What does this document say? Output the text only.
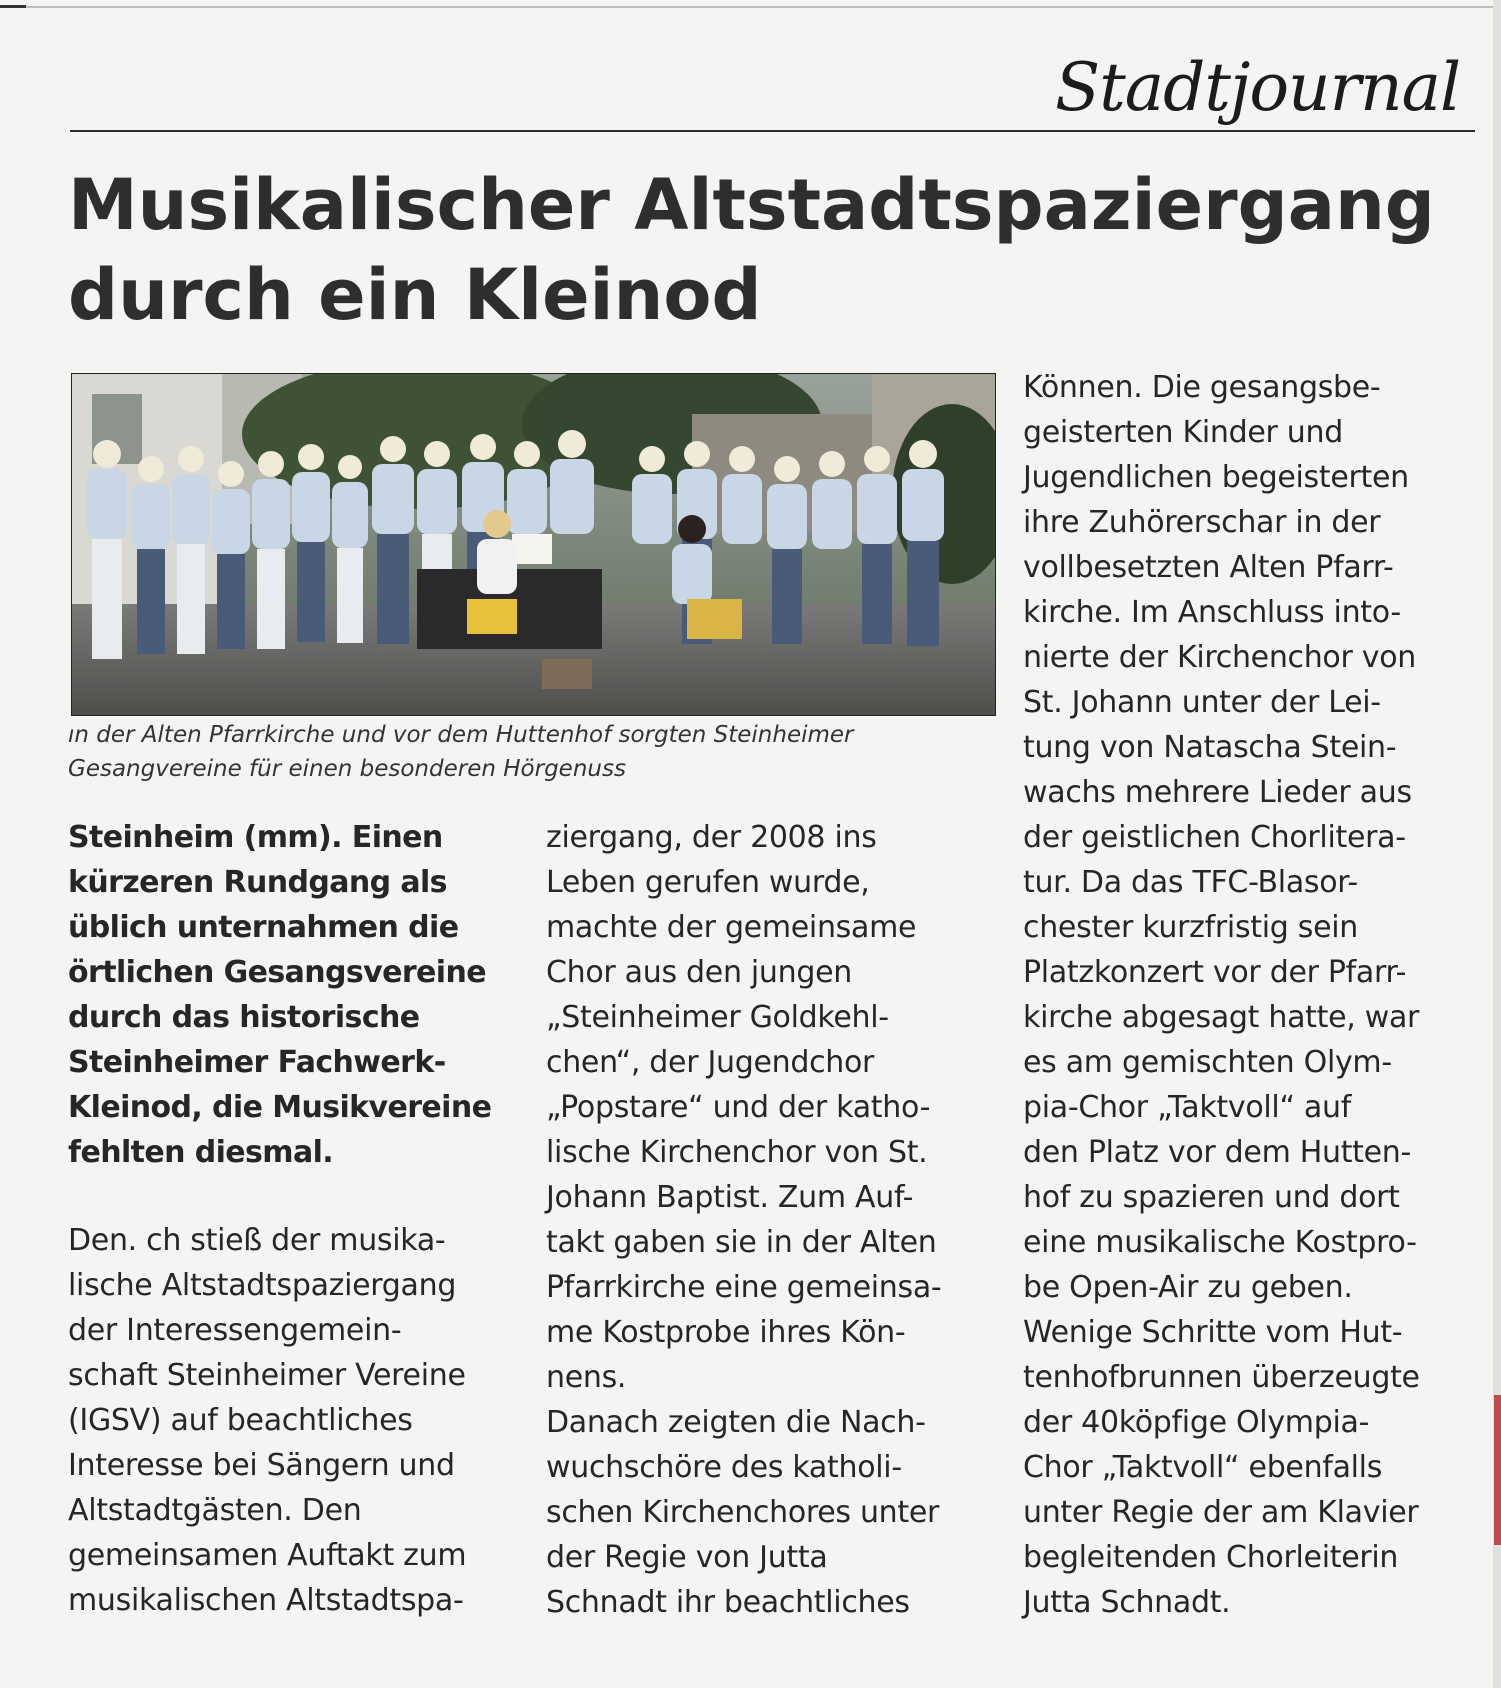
Stadtjournal
Musikalischer Altstadtspaziergang
durch ein Kleinod

ın der Alten Pfarrkirche und vor dem Huttenhof sorgten Steinheimer
Gesangvereine für einen besonderen Hörgenuss

Steinheim (mm). Einen
kürzeren Rundgang als
üblich unternahmen die
örtlichen Gesangsvereine
durch das historische
Steinheimer Fachwerk-
Kleinod, die Musikvereine
fehlten diesmal.

Den. ch stieß der musika-
lische Altstadtspaziergang
der Interessengemein-
schaft Steinheimer Vereine
(IGSV) auf beachtliches
Interesse bei Sängern und
Altstadtgästen. Den
gemeinsamen Auftakt zum
musikalischen Altstadtspa-

ziergang, der 2008 ins
Leben gerufen wurde,
machte der gemeinsame
Chor aus den jungen
„Steinheimer Goldkehl-
chen“, der Jugendchor
„Popstare“ und der katho-
lische Kirchenchor von St.
Johann Baptist. Zum Auf-
takt gaben sie in der Alten
Pfarrkirche eine gemeinsa-
me Kostprobe ihres Kön-
nens.
Danach zeigten die Nach-
wuchschöre des katholi-
schen Kirchenchores unter
der Regie von Jutta
Schnadt ihr beachtliches

Können. Die gesangsbe-
geisterten Kinder und
Jugendlichen begeisterten
ihre Zuhörerschar in der
vollbesetzten Alten Pfarr-
kirche. Im Anschluss into-
nierte der Kirchenchor von
St. Johann unter der Lei-
tung von Natascha Stein-
wachs mehrere Lieder aus
der geistlichen Chorlitera-
tur. Da das TFC-Blasor-
chester kurzfristig sein
Platzkonzert vor der Pfarr-
kirche abgesagt hatte, war
es am gemischten Olym-
pia-Chor „Taktvoll“ auf
den Platz vor dem Hutten-
hof zu spazieren und dort
eine musikalische Kostpro-
be Open-Air zu geben.
Wenige Schritte vom Hut-
tenhofbrunnen überzeugte
der 40köpfige Olympia-
Chor „Taktvoll“ ebenfalls
unter Regie der am Klavier
begleitenden Chorleiterin
Jutta Schnadt.
